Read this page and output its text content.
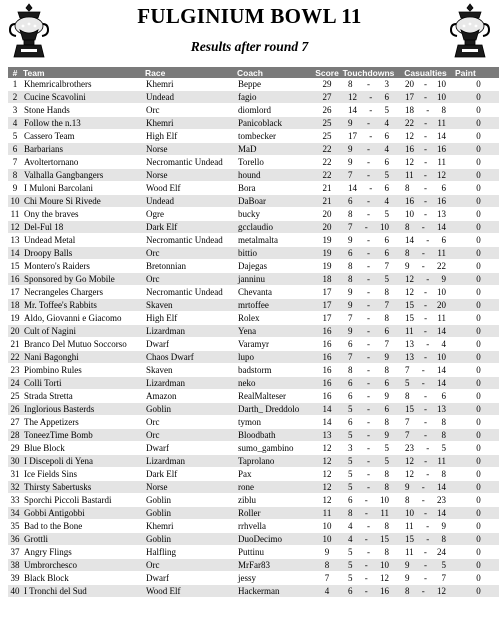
FULGINIUM BOWL 11
Results after round 7
#	Team	Race	Coach	Score	Touchdowns	Casualties	Paint
1	Khemricalbrothers	Khemri	Beppe	29	8 - 3	20 - 10	0
2	Cucine Scavolini	Undead	fagio	27	12 - 6	17 - 10	0
3	Stone Hands	Orc	diomlord	26	14 - 5	18 - 8	0
4	Follow the n.13	Khemri	Panicoblack	25	9 - 4	22 - 11	0
5	Cassero Team	High Elf	tombecker	25	17 - 6	12 - 14	0
6	Barbarians	Norse	MaD	22	9 - 4	16 - 16	0
7	Avoltertornano	Necromantic Undead	Torello	22	9 - 6	12 - 11	0
8	Valhalla Gangbangers	Norse	hound	22	7 - 5	11 - 12	0
9	I Muloni Barcolani	Wood Elf	Bora	21	14 - 6	8 - 6	0
10	Chi Moure Si Rivede	Undead	DaBoar	21	6 - 4	16 - 16	0
11	Ony the braves	Ogre	bucky	20	8 - 5	10 - 13	0
12	Del-Ful 18	Dark Elf	gcclaudio	20	7 - 10	8 - 14	0
13	Undead Metal	Necromantic Undead	metalmalta	19	9 - 6	14 - 6	0
14	Droopy Balls	Orc	bittio	19	6 - 6	8 - 11	0
15	Montero's Raiders	Bretonnian	Dajegas	19	8 - 7	9 - 22	0
16	Sponsored by Go Mobile	Orc	janninu	18	8 - 5	12 - 9	0
17	Necrangeles Chargers	Necromantic Undead	Chevanta	17	9 - 8	12 - 10	0
18	Mr. Toffee's Rabbits	Skaven	mrtoffee	17	9 - 7	15 - 20	0
19	Aldo, Giovanni e Giacomo	High Elf	Rolex	17	7 - 8	15 - 11	0
20	Cult of Nagini	Lizardman	Yena	16	9 - 6	11 - 14	0
21	Branco Del Mutuo Soccorso	Dwarf	Varamyr	16	6 - 7	13 - 4	0
22	Nani Bagonghi	Chaos Dwarf	lupo	16	7 - 9	13 - 10	0
23	Piombino Rules	Skaven	badstorm	16	8 - 8	7 - 14	0
24	Colli Torti	Lizardman	neko	16	6 - 6	5 - 14	0
25	Strada Stretta	Amazon	RealMalteser	16	6 - 9	8 - 6	0
26	Inglorious Basterds	Goblin	Darth_ Dreddolo	14	5 - 6	15 - 13	0
27	The Appetizers	Orc	tymon	14	6 - 8	7 - 8	0
28	ToneezTime Bomb	Orc	Bloodbath	13	5 - 9	7 - 8	0
29	Blue Block	Dwarf	sumo_gambino	12	3 - 5	23 - 5	0
30	I Discepoli di Yena	Lizardman	Taprolano	12	5 - 5	12 - 11	0
31	Ice Fields Sins	Dark Elf	Pax	12	5 - 8	12 - 8	0
32	Thirsty Sabertusks	Norse	rone	12	5 - 8	9 - 14	0
33	Sporchi Piccoli Bastardi	Goblin	ziblu	12	6 - 10	8 - 23	0
34	Gobbi Antigobbi	Goblin	Roller	11	8 - 11	10 - 14	0
35	Bad to the Bone	Khemri	rrhvella	10	4 - 8	11 - 9	0
36	Grottli	Goblin	DuoDecimo	10	4 - 15	15 - 8	0
37	Angry Flings	Halfling	Puttinu	9	5 - 8	11 - 24	0
38	Umbrorchesco	Orc	MrFar83	8	5 - 10	9 - 5	0
39	Black Block	Dwarf	jessy	7	5 - 12	9 - 7	0
40	I Tronchi del Sud	Wood Elf	Hackerman	4	6 - 16	8 - 12	0
